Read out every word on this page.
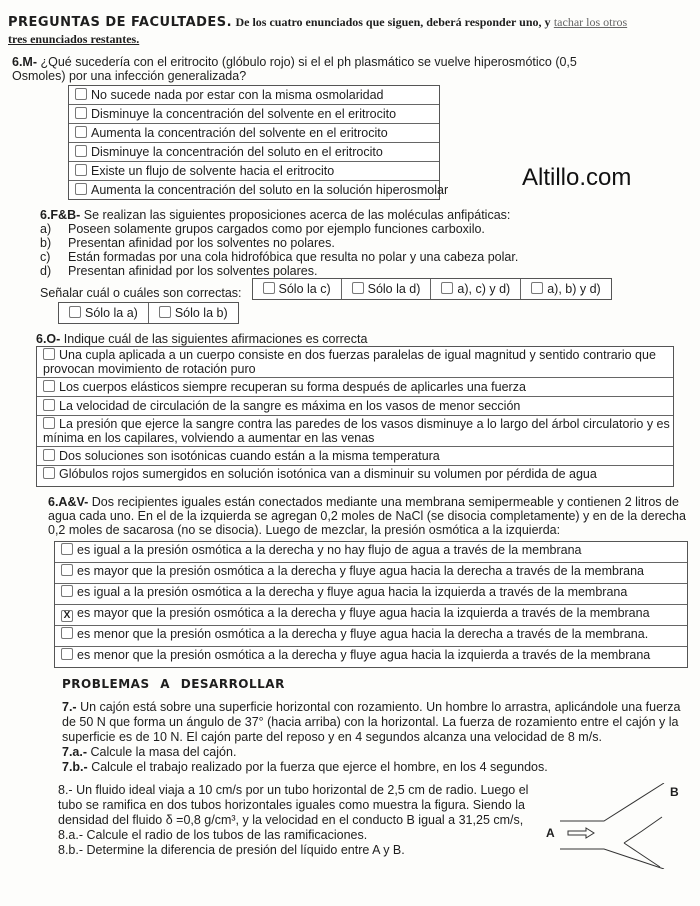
Altillo.com
PREGUNTAS DE FACULTADES. De los cuatro enunciados que siguen, deberá responder uno, y tachar los otros
tres enunciados restantes.
6.M- ¿Qué sucedería con el eritrocito (glóbulo rojo) si el el ph plasmático se vuelve hiperosmótico (0,5 Osmoles) por una infección generalizada?
No sucede nada por estar con la misma osmolaridad
Disminuye la concentración del solvente en el eritrocito
Aumenta la concentración del solvente en el eritrocito
Disminuye la concentración del soluto en el eritrocito
Existe un flujo de solvente hacia el eritrocito
Aumenta la concentración del soluto en la solución hiperosmolar
6.F&B- Se realizan las siguientes proposiciones acerca de las moléculas anfipáticas:
a) Poseen solamente grupos cargados como por ejemplo funciones carboxilo.
b) Presentan afinidad por los solventes no polares.
c) Están formadas por una cola hidrofóbica que resulta no polar y una cabeza polar.
d) Presentan afinidad por los solventes polares.
Señalar cuál o cuáles son correctas:	Sólo la c)	Sólo la d)	a), c) y d)	a), b) y d)
Sólo la a)	Sólo la b)
6.O- Indique cuál de las siguientes afirmaciones es correcta
Una cupla aplicada a un cuerpo consiste en dos fuerzas paralelas de igual magnitud y sentido contrario que provocan movimiento de rotación puro
Los cuerpos elásticos siempre recuperan su forma después de aplicarles una fuerza
La velocidad de circulación de la sangre es máxima en los vasos de menor sección
La presión que ejerce la sangre contra las paredes de los vasos disminuye a lo largo del árbol circulatorio y es mínima en los capilares, volviendo a aumentar en las venas
Dos soluciones son isotónicas cuando están a la misma temperatura
Glóbulos rojos sumergidos en solución isotónica van a disminuir su volumen por pérdida de agua
6.A&V- Dos recipientes iguales están conectados mediante una membrana semipermeable y contienen 2 litros de agua cada uno. En el de la izquierda se agregan 0,2 moles de NaCl (se disocia completamente) y en de la derecha 0,2 moles de sacarosa (no se disocia). Luego de mezclar, la presión osmótica a la izquierda:
es igual a la presión osmótica a la derecha y no hay flujo de agua a través de la membrana
es mayor que la presión osmótica a la derecha y fluye agua hacia la derecha a través de la membrana
es igual a la presión osmótica a la derecha y fluye agua hacia la izquierda a través de la membrana
X es mayor que la presión osmótica a la derecha y fluye agua hacia la izquierda a través de la membrana
es menor que la presión osmótica a la derecha y fluye agua hacia la derecha a través de la membrana.
es menor que la presión osmótica a la derecha y fluye agua hacia la izquierda a través de la membrana
PROBLEMAS A DESARROLLAR
7.- Un cajón está sobre una superficie horizontal con rozamiento. Un hombre lo arrastra, aplicándole una fuerza de 50 N que forma un ángulo de 37° (hacia arriba) con la horizontal. La fuerza de rozamiento entre el cajón y la superficie es de 10 N. El cajón parte del reposo y en 4 segundos alcanza una velocidad de 8 m/s.
7.a.- Calcule la masa del cajón.
7.b.- Calcule el trabajo realizado por la fuerza que ejerce el hombre, en los 4 segundos.
8.- Un fluido ideal viaja a 10 cm/s por un tubo horizontal de 2,5 cm de radio. Luego el tubo se ramifica en dos tubos horizontales iguales como muestra la figura. Siendo la densidad del fluido δ =0,8 g/cm³, y la velocidad en el conducto B igual a 31,25 cm/s,
8.a.- Calcule el radio de los tubos de las ramificaciones.
8.b.- Determine la diferencia de presión del líquido entre A y B.
A
B
